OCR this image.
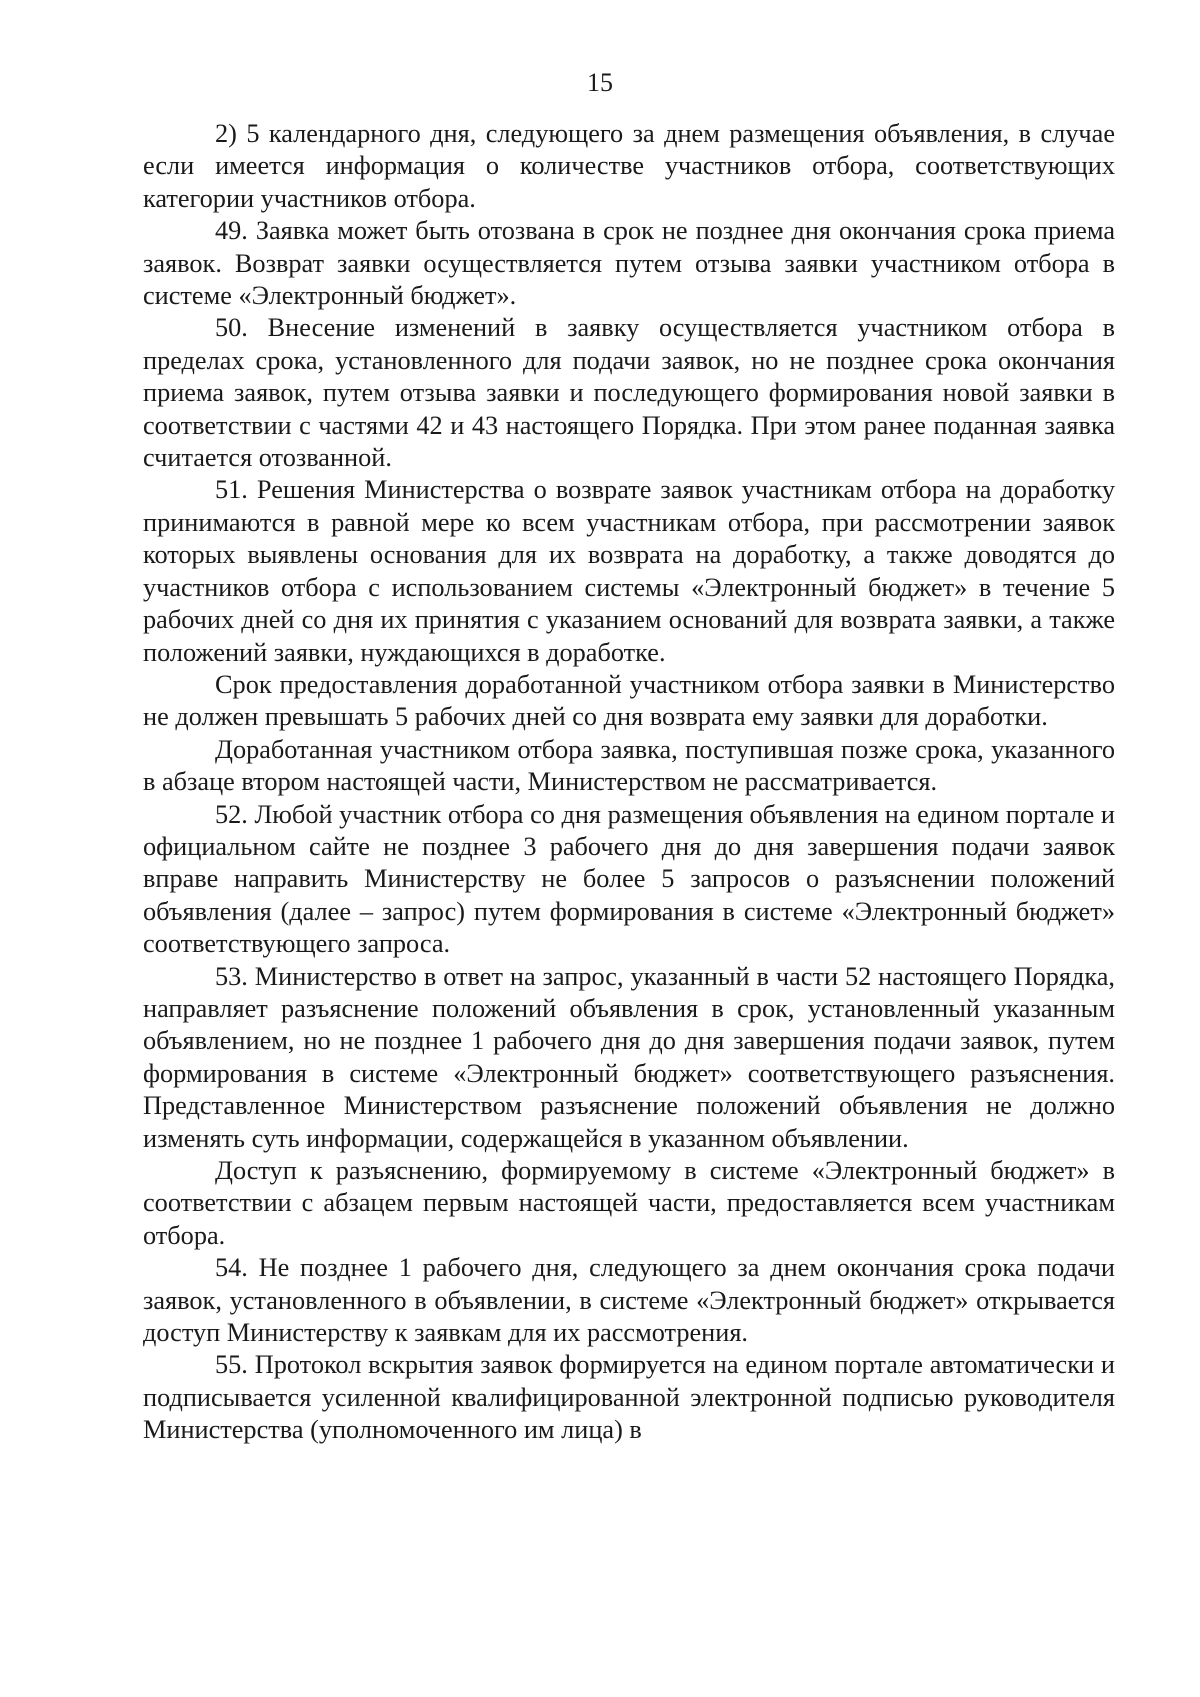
15

2) 5 календарного дня, следующего за днем размещения объявления, в случае если имеется информация о количестве участников отбора, соответствующих категории участников отбора.

49. Заявка может быть отозвана в срок не позднее дня окончания срока приема заявок. Возврат заявки осуществляется путем отзыва заявки участником отбора в системе «Электронный бюджет».

50. Внесение изменений в заявку осуществляется участником отбора в пределах срока, установленного для подачи заявок, но не позднее срока окончания приема заявок, путем отзыва заявки и последующего формирования новой заявки в соответствии с частями 42 и 43 настоящего Порядка. При этом ранее поданная заявка считается отозванной.

51. Решения Министерства о возврате заявок участникам отбора на доработку принимаются в равной мере ко всем участникам отбора, при рассмотрении заявок которых выявлены основания для их возврата на доработку, а также доводятся до участников отбора с использованием системы «Электронный бюджет» в течение 5 рабочих дней со дня их принятия с указанием оснований для возврата заявки, а также положений заявки, нуждающихся в доработке.

Срок предоставления доработанной участником отбора заявки в Министерство не должен превышать 5 рабочих дней со дня возврата ему заявки для доработки.

Доработанная участником отбора заявка, поступившая позже срока, указанного в абзаце втором настоящей части, Министерством не рассматривается.

52. Любой участник отбора со дня размещения объявления на едином портале и официальном сайте не позднее 3 рабочего дня до дня завершения подачи заявок вправе направить Министерству не более 5 запросов о разъяснении положений объявления (далее – запрос) путем формирования в системе «Электронный бюджет» соответствующего запроса.

53. Министерство в ответ на запрос, указанный в части 52 настоящего Порядка, направляет разъяснение положений объявления в срок, установленный указанным объявлением, но не позднее 1 рабочего дня до дня завершения подачи заявок, путем формирования в системе «Электронный бюджет» соответствующего разъяснения. Представленное Министерством разъяснение положений объявления не должно изменять суть информации, содержащейся в указанном объявлении.

Доступ к разъяснению, формируемому в системе «Электронный бюджет» в соответствии с абзацем первым настоящей части, предоставляется всем участникам отбора.

54. Не позднее 1 рабочего дня, следующего за днем окончания срока подачи заявок, установленного в объявлении, в системе «Электронный бюджет» открывается доступ Министерству к заявкам для их рассмотрения.

55. Протокол вскрытия заявок формируется на едином портале автоматически и подписывается усиленной квалифицированной электронной подписью руководителя Министерства (уполномоченного им лица) в
